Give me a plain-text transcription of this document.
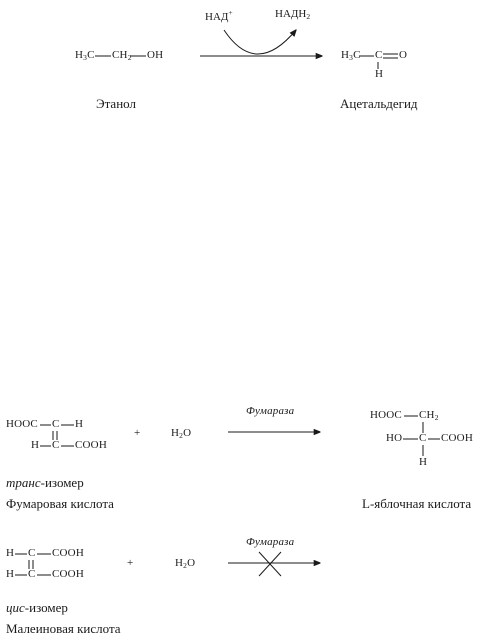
НАД+	$НАДН_2$
$H_3C$ $CH_2$ OH	$H_3C$ C O
H
Этанол	Ацетальдегид
HOOC C H
H C COOH
+	$H_2O$
Фумараза	HOOC $CH_2$
HO C COOH
H
транс-изомер
Фумаровая кислота	L-яблочная кислота
H C COOH
H C COOH
+	$H_2O$
Фумараза
цис-изомер
Малеиновая кислота
